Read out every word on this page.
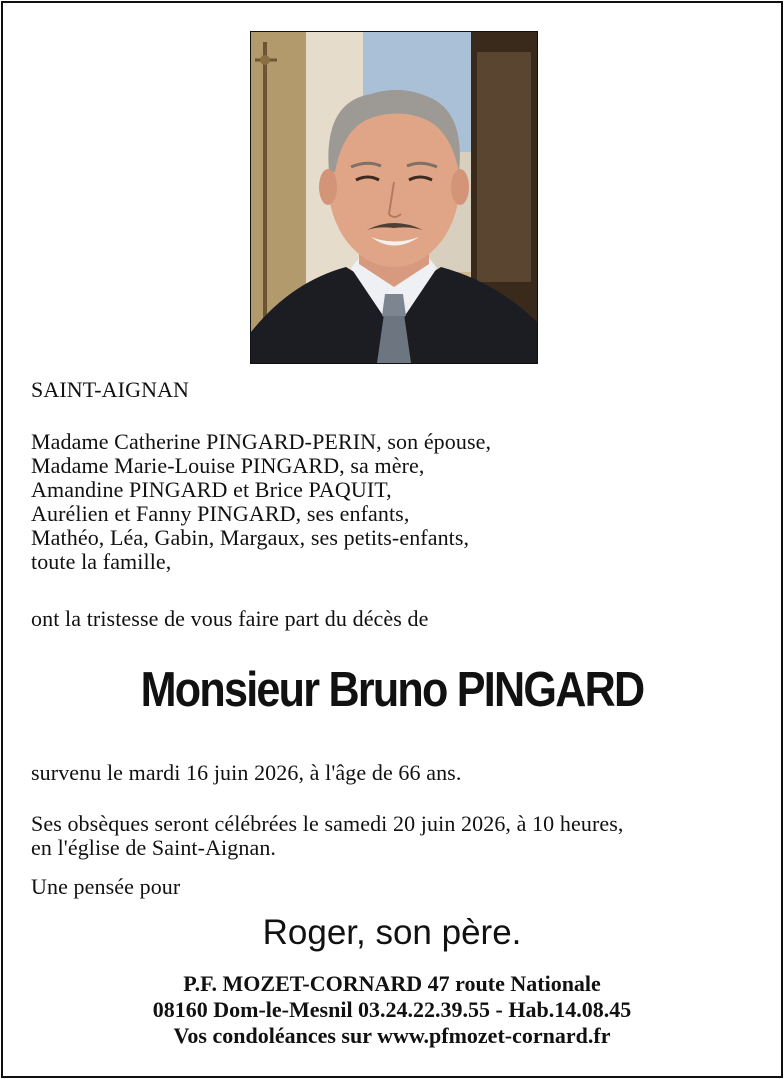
SAINT-AIGNAN
Madame Catherine PINGARD-PERIN, son épouse,
Madame Marie-Louise PINGARD, sa mère,
Amandine PINGARD et Brice PAQUIT,
Aurélien et Fanny PINGARD, ses enfants,
Mathéo, Léa, Gabin, Margaux, ses petits-enfants,
toute la famille,
ont la tristesse de vous faire part du décès de
Monsieur Bruno PINGARD
survenu le mardi 16 juin 2026, à l'âge de 66 ans.
Ses obsèques seront célébrées le samedi 20 juin 2026, à 10 heures,
en l'église de Saint-Aignan.
Une pensée pour
Roger, son père.
P.F. MOZET-CORNARD 47 route Nationale
08160 Dom-le-Mesnil 03.24.22.39.55 - Hab.14.08.45
Vos condoléances sur www.pfmozet-cornard.fr
